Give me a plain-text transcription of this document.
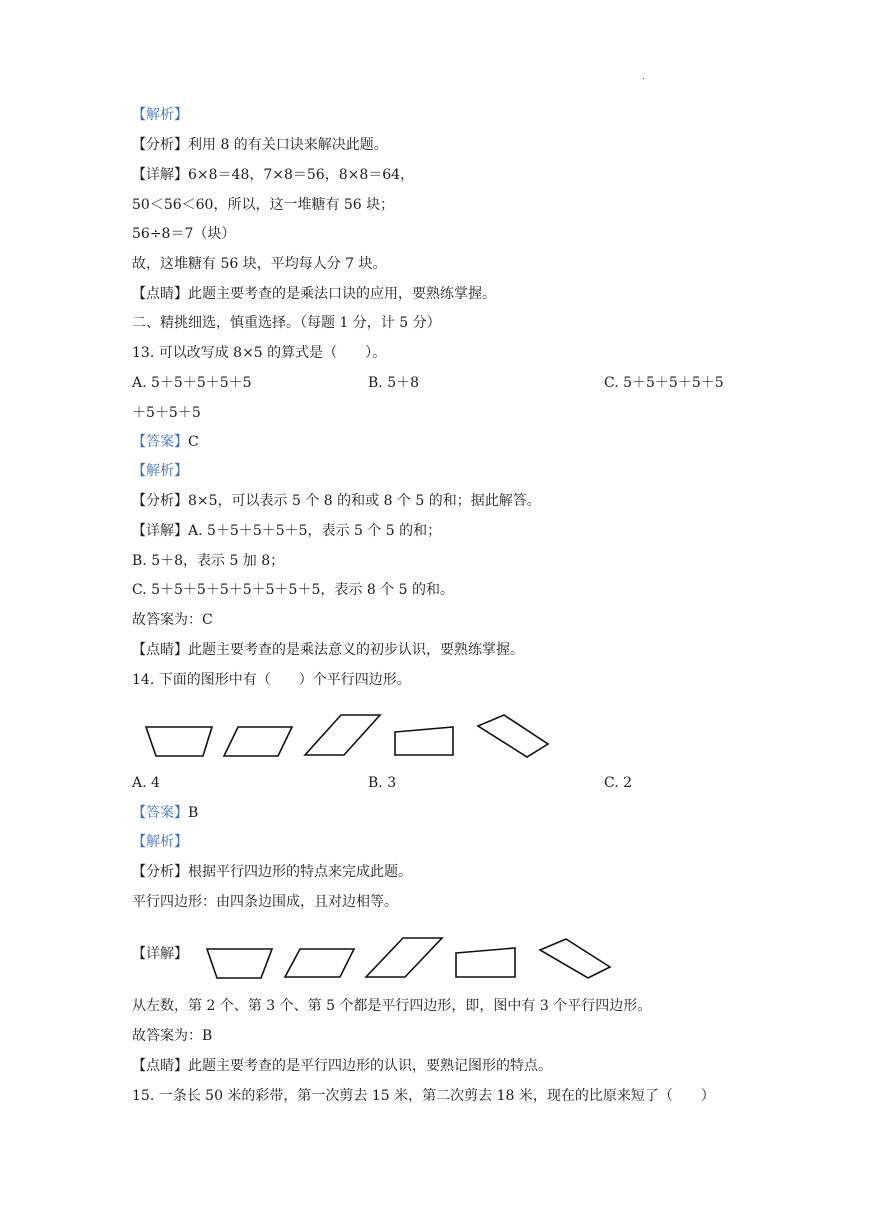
.
【解析】
【分析】利用 8 的有关口诀来解决此题。
【详解】6×8＝48，7×8＝56，8×8＝64，
50＜56＜60，所以，这一堆糖有 56 块；
56÷8＝7（块）
故，这堆糖有 56 块，平均每人分 7 块。
【点睛】此题主要考查的是乘法口诀的应用，要熟练掌握。
二、精挑细选，慎重选择。（每题 1 分，计 5 分）
13. 可以改写成 8×5 的算式是（　　）。
A. 5＋5＋5＋5＋5	B. 5＋8	C. 5＋5＋5＋5＋5
＋5＋5＋5
【答案】C
【解析】
【分析】8×5，可以表示 5 个 8 的和或 8 个 5 的和；据此解答。
【详解】A. 5＋5＋5＋5＋5，表示 5 个 5 的和；
B. 5＋8，表示 5 加 8；
C. 5＋5＋5＋5＋5＋5＋5＋5，表示 8 个 5 的和。
故答案为：C
【点睛】此题主要考查的是乘法意义的初步认识，要熟练掌握。
14. 下面的图形中有（　　）个平行四边形。
A. 4	B. 3	C. 2
【答案】B
【解析】
【分析】根据平行四边形的特点来完成此题。
平行四边形：由四条边围成，且对边相等。
【详解】
从左数，第 2 个、第 3 个、第 5 个都是平行四边形，即，图中有 3 个平行四边形。
故答案为：B
【点睛】此题主要考查的是平行四边形的认识，要熟记图形的特点。
15. 一条长 50 米的彩带，第一次剪去 15 米，第二次剪去 18 米，现在的比原来短了（　　）
